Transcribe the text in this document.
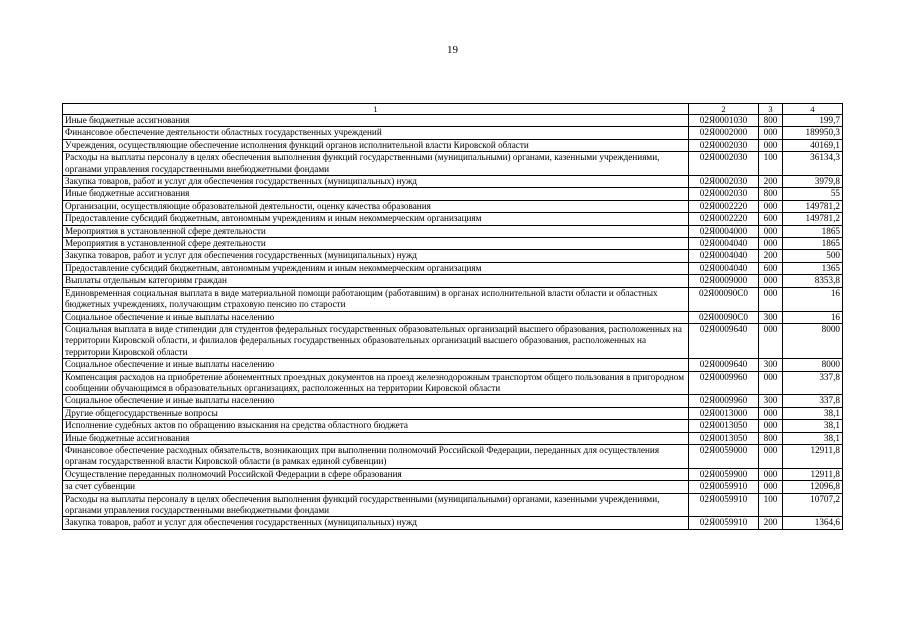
19
1	2	3	4
Иные бюджетные ассигнования	02Я0001030	800	199,7
Финансовое обеспечение деятельности областных государственных учреждений	02Я0002000	000	189950,3
Учреждения, осуществляющие обеспечение исполнения функций органов исполнительной власти Кировской области	02Я0002030	000	40169,1
Расходы на выплаты персоналу в целях обеспечения выполнения функций государственными (муниципальными) органами, казенными учреждениями, органами управления государственными внебюджетными фондами	02Я0002030	100	36134,3
Закупка товаров, работ и услуг для обеспечения государственных (муниципальных) нужд	02Я0002030	200	3979,8
Иные бюджетные ассигнования	02Я0002030	800	55
Организации, осуществляющие образовательной деятельности, оценку качества образования	02Я0002220	000	149781,2
Предоставление субсидий бюджетным, автономным учреждениям и иным некоммерческим организациям	02Я0002220	600	149781,2
Мероприятия в установленной сфере деятельности	02Я0004000	000	1865
Мероприятия в установленной сфере деятельности	02Я0004040	000	1865
Закупка товаров, работ и услуг для обеспечения государственных (муниципальных) нужд	02Я0004040	200	500
Предоставление субсидий бюджетным, автономным учреждениям и иным некоммерческим организациям	02Я0004040	600	1365
Выплаты отдельным категориям граждан	02Я0009000	000	8353,8
Единовременная социальная выплата в виде материальной помощи работающим (работавшим) в органах исполнительной власти области и областных бюджетных учреждениях, получающим страховую пенсию по старости	02Я00090С0	000	16
Социальное обеспечение и иные выплаты населению	02Я00090С0	300	16
Социальная выплата в виде стипендии для студентов федеральных государственных образовательных организаций высшего образования, расположенных на территории Кировской области, и филиалов федеральных государственных образовательных организаций высшего образования, расположенных на территории Кировской области	02Я0009640	000	8000
Социальное обеспечение и иные выплаты населению	02Я0009640	300	8000
Компенсация расходов на приобретение абонементных проездных документов на проезд железнодорожным транспортом общего пользования в пригородном сообщении обучающимся в образовательных организациях, расположенных на территории Кировской области	02Я0009960	000	337,8
Социальное обеспечение и иные выплаты населению	02Я0009960	300	337,8
Другие общегосударственные вопросы	02Я0013000	000	38,1
Исполнение судебных актов по обращению взыскания на средства областного бюджета	02Я0013050	000	38,1
Иные бюджетные ассигнования	02Я0013050	800	38,1
Финансовое обеспечение расходных обязательств, возникающих при выполнении полномочий Российской Федерации, переданных для осуществления органам государственной власти Кировской области (в рамках единой субвенции)	02Я0059000	000	12911,8
Осуществление переданных полномочий Российской Федерации в сфере образования	02Я0059900	000	12911,8
за счет субвенции	02Я0059910	000	12096,8
Расходы на выплаты персоналу в целях обеспечения выполнения функций государственными (муниципальными) органами, казенными учреждениями, органами управления государственными внебюджетными фондами	02Я0059910	100	10707,2
Закупка товаров, работ и услуг для обеспечения государственных (муниципальных) нужд	02Я0059910	200	1364,6
